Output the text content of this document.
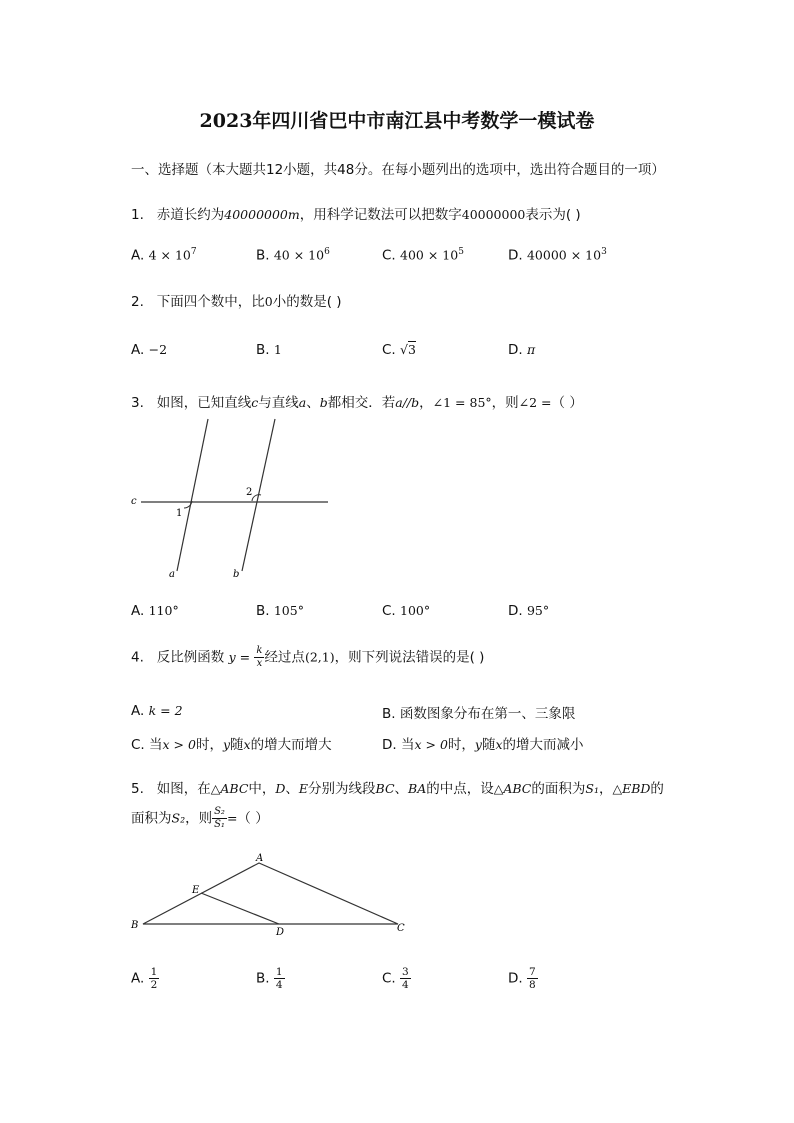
2023年四川省巴中市南江县中考数学一模试卷
一、选择题（本大题共12小题，共48分。在每小题列出的选项中，选出符合题目的一项）
1. 赤道长约为40000000m，用科学记数法可以把数字40000000表示为( )
A. $4 \times 10^7$	B. $40 \times 10^6$	C. $400 \times 10^5$	D. $40000 \times 10^3$
2. 下面四个数中，比0小的数是( )
A. −2	B. 1	C. √3	D. π
3. 如图，已知直线c与直线a、b都相交．若a//b，∠1 = 85°，则∠2 =（ ）
c
1
2
a	b
A. 110°	B. 105°	C. 100°	D. 95°
4. 反比例函数 $y = \frac{k}{x}$ 经过点(2,1)，则下列说法错误的是( )
A. k = 2	B. 函数图象分布在第一、三象限
C. 当x > 0时，y随x的增大而增大	D. 当x > 0时，y随x的增大而减小
5. 如图，在△ABC中，D、E分别为线段BC、BA的中点，设△ABC的面积为S₁，△EBD的
面积为S₂，则 $\frac{\text{S₂}}{\text{S₁}}$ =（ ）
A
B	C
D
E
A. $\frac{1}{2}$	B. $\frac{1}{4}$	C. $\frac{3}{4}$	D. $\frac{7}{8}$
